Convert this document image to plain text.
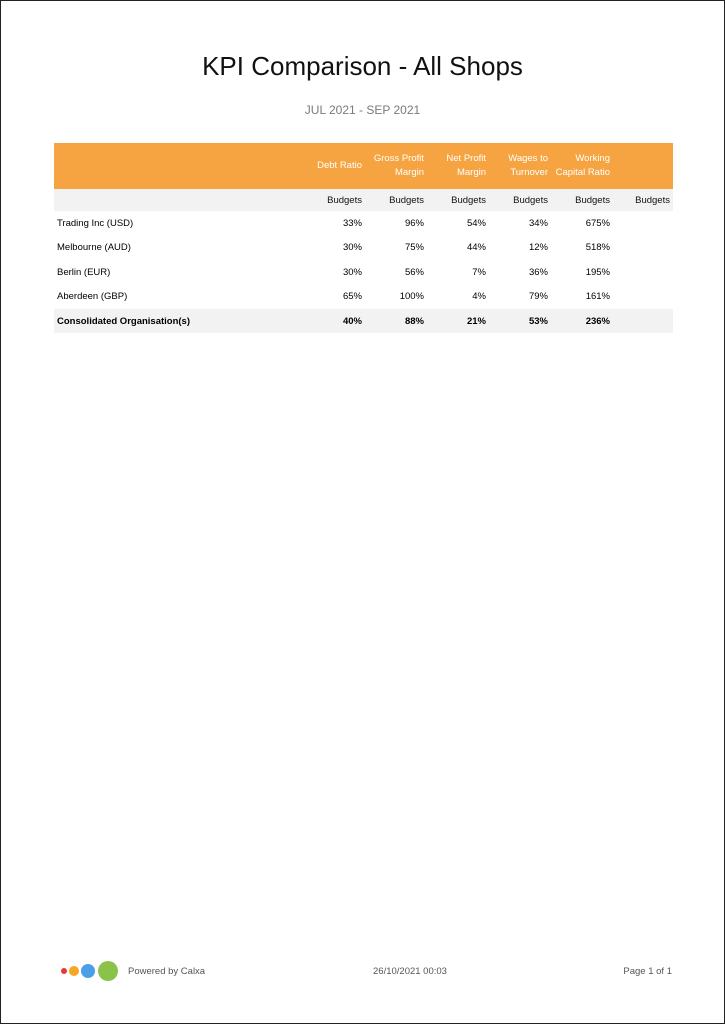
KPI Comparison - All Shops
JUL 2021 - SEP 2021
	Debt Ratio	Gross Profit Margin	Net Profit Margin	Wages to Turnover	Working Capital Ratio	
	Budgets	Budgets	Budgets	Budgets	Budgets	Budgets
Trading Inc (USD)	33%	96%	54%	34%	675%	
Melbourne (AUD)	30%	75%	44%	12%	518%	
Berlin (EUR)	30%	56%	7%	36%	195%	
Aberdeen (GBP)	65%	100%	4%	79%	161%	
Consolidated Organisation(s)	40%	88%	21%	53%	236%	
Powered by Calxa	26/10/2021 00:03	Page 1 of 1
